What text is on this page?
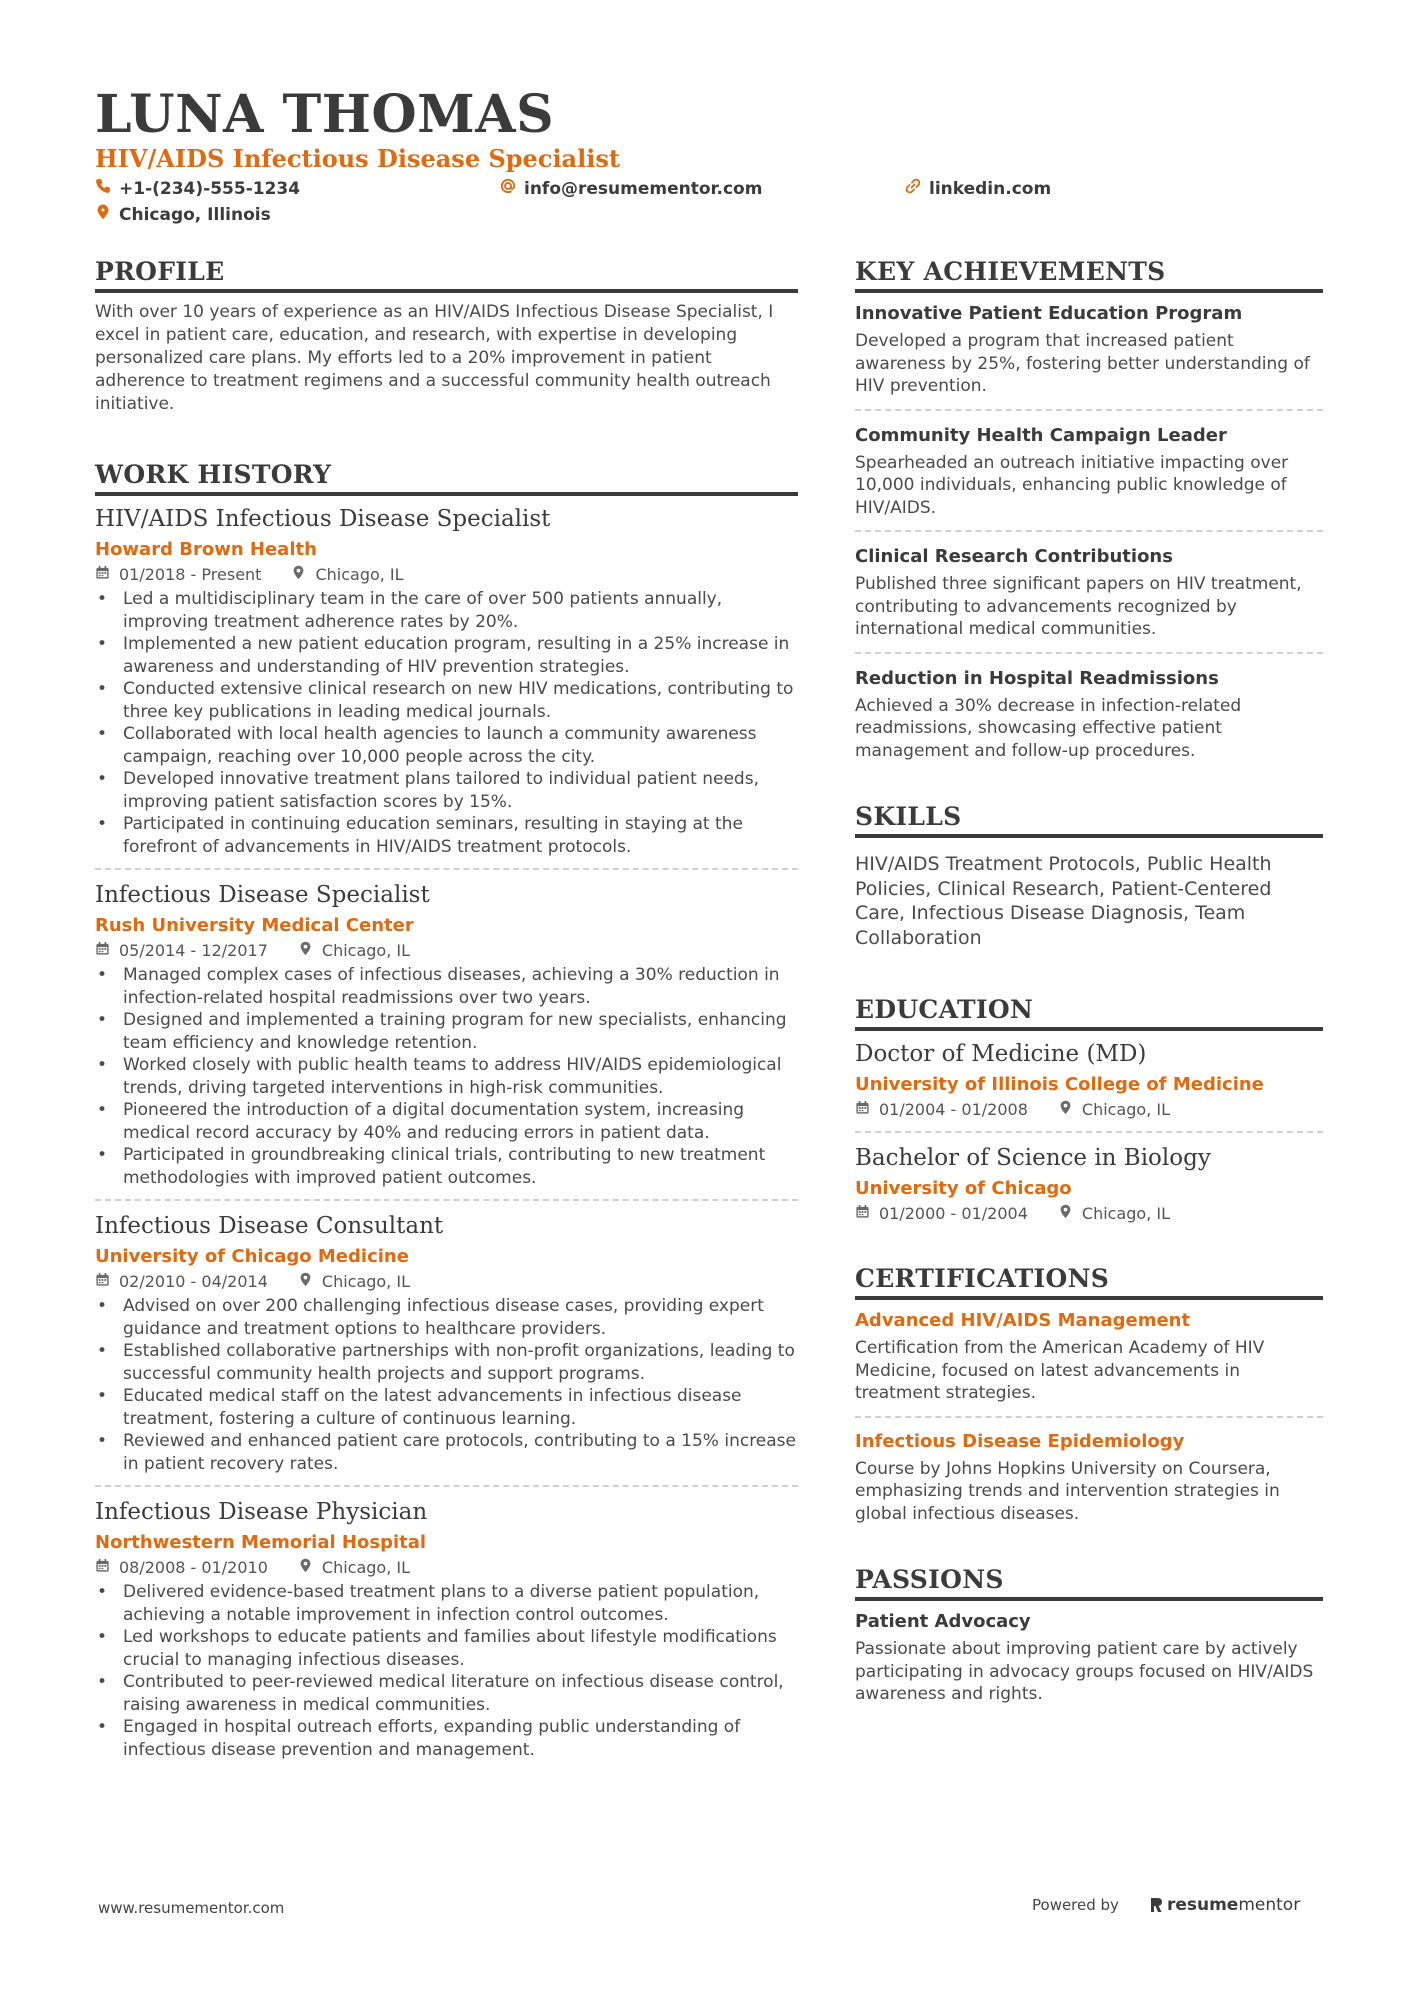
LUNA THOMAS
HIV/AIDS Infectious Disease Specialist
+1-(234)-555-1234	info@resumementor.com	linkedin.com
Chicago, Illinois
PROFILE
With over 10 years of experience as an HIV/AIDS Infectious Disease Specialist, I excel in patient care, education, and research, with expertise in developing personalized care plans. My efforts led to a 20% improvement in patient adherence to treatment regimens and a successful community health outreach initiative.
WORK HISTORY
HIV/AIDS Infectious Disease Specialist
Howard Brown Health
01/2018 - Present	Chicago, IL
• Led a multidisciplinary team in the care of over 500 patients annually, improving treatment adherence rates by 20%.
• Implemented a new patient education program, resulting in a 25% increase in awareness and understanding of HIV prevention strategies.
• Conducted extensive clinical research on new HIV medications, contributing to three key publications in leading medical journals.
• Collaborated with local health agencies to launch a community awareness campaign, reaching over 10,000 people across the city.
• Developed innovative treatment plans tailored to individual patient needs, improving patient satisfaction scores by 15%.
• Participated in continuing education seminars, resulting in staying at the forefront of advancements in HIV/AIDS treatment protocols.
Infectious Disease Specialist
Rush University Medical Center
05/2014 - 12/2017	Chicago, IL
• Managed complex cases of infectious diseases, achieving a 30% reduction in infection-related hospital readmissions over two years.
• Designed and implemented a training program for new specialists, enhancing team efficiency and knowledge retention.
• Worked closely with public health teams to address HIV/AIDS epidemiological trends, driving targeted interventions in high-risk communities.
• Pioneered the introduction of a digital documentation system, increasing medical record accuracy by 40% and reducing errors in patient data.
• Participated in groundbreaking clinical trials, contributing to new treatment methodologies with improved patient outcomes.
Infectious Disease Consultant
University of Chicago Medicine
02/2010 - 04/2014	Chicago, IL
• Advised on over 200 challenging infectious disease cases, providing expert guidance and treatment options to healthcare providers.
• Established collaborative partnerships with non-profit organizations, leading to successful community health projects and support programs.
• Educated medical staff on the latest advancements in infectious disease treatment, fostering a culture of continuous learning.
• Reviewed and enhanced patient care protocols, contributing to a 15% increase in patient recovery rates.
Infectious Disease Physician
Northwestern Memorial Hospital
08/2008 - 01/2010	Chicago, IL
• Delivered evidence-based treatment plans to a diverse patient population, achieving a notable improvement in infection control outcomes.
• Led workshops to educate patients and families about lifestyle modifications crucial to managing infectious diseases.
• Contributed to peer-reviewed medical literature on infectious disease control, raising awareness in medical communities.
• Engaged in hospital outreach efforts, expanding public understanding of infectious disease prevention and management.
KEY ACHIEVEMENTS
Innovative Patient Education Program
Developed a program that increased patient awareness by 25%, fostering better understanding of HIV prevention.
Community Health Campaign Leader
Spearheaded an outreach initiative impacting over 10,000 individuals, enhancing public knowledge of HIV/AIDS.
Clinical Research Contributions
Published three significant papers on HIV treatment, contributing to advancements recognized by international medical communities.
Reduction in Hospital Readmissions
Achieved a 30% decrease in infection-related readmissions, showcasing effective patient management and follow-up procedures.
SKILLS
HIV/AIDS Treatment Protocols, Public Health Policies, Clinical Research, Patient-Centered Care, Infectious Disease Diagnosis, Team Collaboration
EDUCATION
Doctor of Medicine (MD)
University of Illinois College of Medicine
01/2004 - 01/2008	Chicago, IL
Bachelor of Science in Biology
University of Chicago
01/2000 - 01/2004	Chicago, IL
CERTIFICATIONS
Advanced HIV/AIDS Management
Certification from the American Academy of HIV Medicine, focused on latest advancements in treatment strategies.
Infectious Disease Epidemiology
Course by Johns Hopkins University on Coursera, emphasizing trends and intervention strategies in global infectious diseases.
PASSIONS
Patient Advocacy
Passionate about improving patient care by actively participating in advocacy groups focused on HIV/AIDS awareness and rights.
www.resumementor.com	Powered by	resume mentor
